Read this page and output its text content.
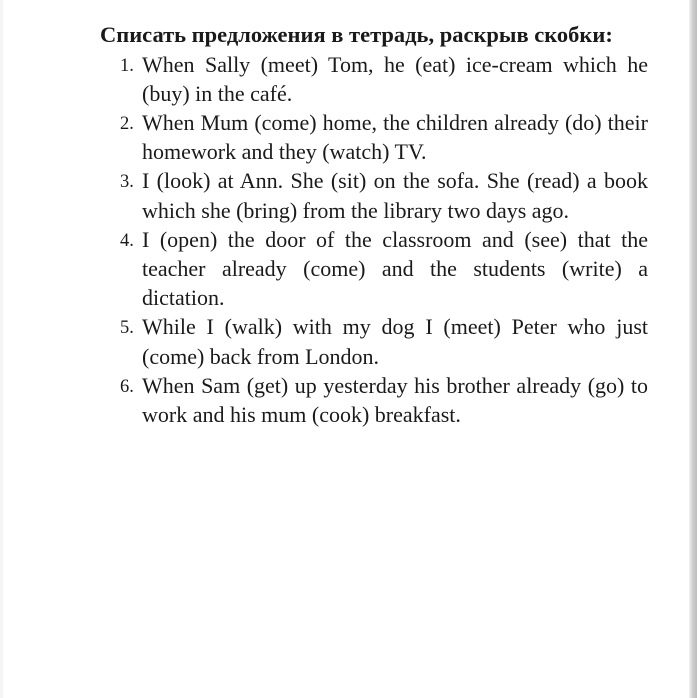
Списать предложения в тетрадь, раскрыв скобки:

1. When Sally (meet) Tom, he (eat) ice-cream which he (buy) in the café.
2. When Mum (come) home, the children already (do) their homework and they (watch) TV.
3. I (look) at Ann. She (sit) on the sofa. She (read) a book which she (bring) from the library two days ago.
4. I (open) the door of the classroom and (see) that the teacher already (come) and the students (write) a dictation.
5. While I (walk) with my dog I (meet) Peter who just (come) back from London.
6. When Sam (get) up yesterday his brother already (go) to work and his mum (cook) breakfast.
